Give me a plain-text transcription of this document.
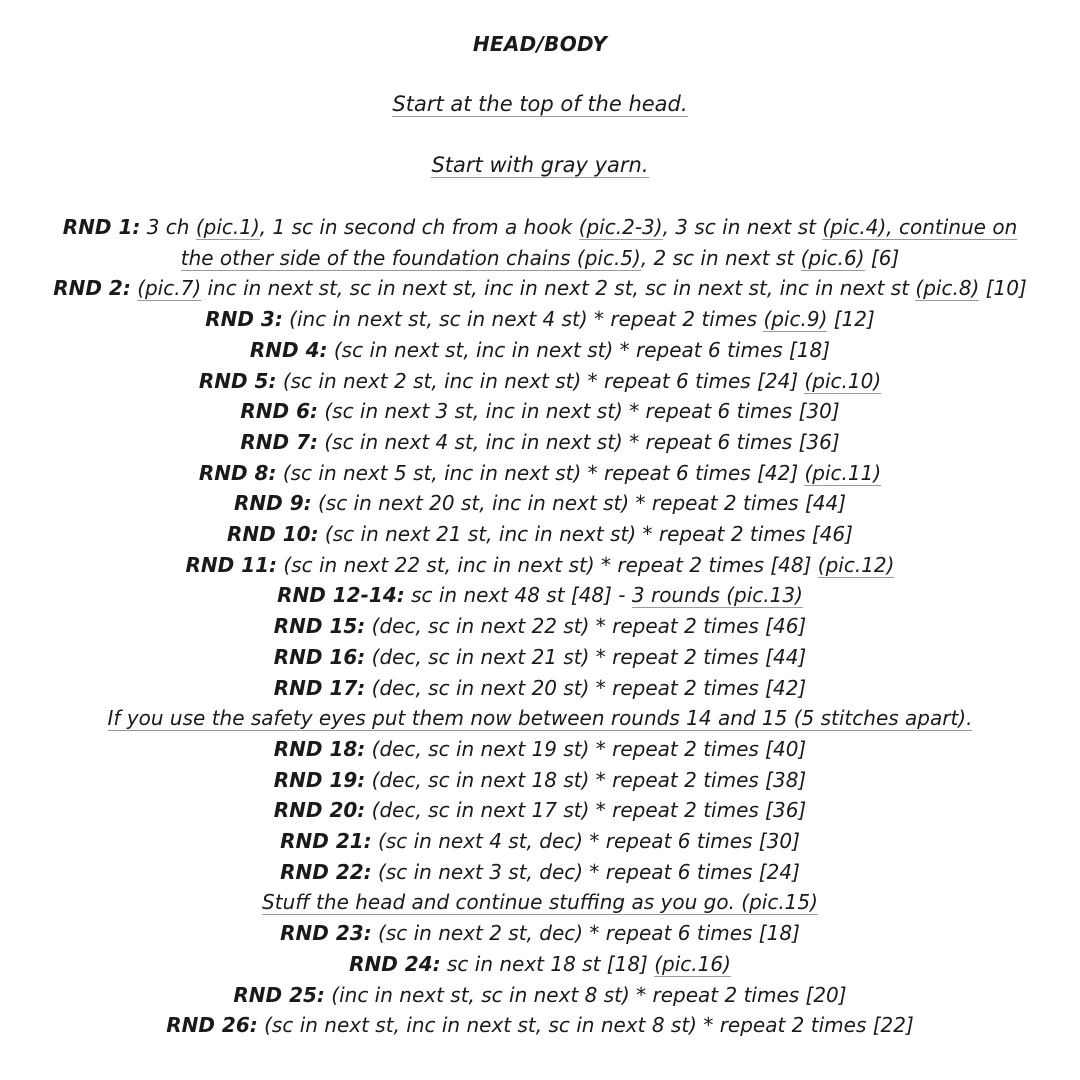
HEAD/BODY
Start at the top of the head.
Start with gray yarn.
RND 1: 3 ch (pic.1), 1 sc in second ch from a hook (pic.2-3), 3 sc in next st (pic.4), continue on
the other side of the foundation chains (pic.5), 2 sc in next st (pic.6) [6]
RND 2: (pic.7) inc in next st, sc in next st, inc in next 2 st, sc in next st, inc in next st (pic.8) [10]
RND 3: (inc in next st, sc in next 4 st) * repeat 2 times (pic.9) [12]
RND 4: (sc in next st, inc in next st) * repeat 6 times [18]
RND 5: (sc in next 2 st, inc in next st) * repeat 6 times [24] (pic.10)
RND 6: (sc in next 3 st, inc in next st) * repeat 6 times [30]
RND 7: (sc in next 4 st, inc in next st) * repeat 6 times [36]
RND 8: (sc in next 5 st, inc in next st) * repeat 6 times [42] (pic.11)
RND 9: (sc in next 20 st, inc in next st) * repeat 2 times [44]
RND 10: (sc in next 21 st, inc in next st) * repeat 2 times [46]
RND 11: (sc in next 22 st, inc in next st) * repeat 2 times [48] (pic.12)
RND 12-14: sc in next 48 st [48] - 3 rounds (pic.13)
RND 15: (dec, sc in next 22 st) * repeat 2 times [46]
RND 16: (dec, sc in next 21 st) * repeat 2 times [44]
RND 17: (dec, sc in next 20 st) * repeat 2 times [42]
If you use the safety eyes put them now between rounds 14 and 15 (5 stitches apart).
RND 18: (dec, sc in next 19 st) * repeat 2 times [40]
RND 19: (dec, sc in next 18 st) * repeat 2 times [38]
RND 20: (dec, sc in next 17 st) * repeat 2 times [36]
RND 21: (sc in next 4 st, dec) * repeat 6 times [30]
RND 22: (sc in next 3 st, dec) * repeat 6 times [24]
Stuff the head and continue stuffing as you go. (pic.15)
RND 23: (sc in next 2 st, dec) * repeat 6 times [18]
RND 24: sc in next 18 st [18] (pic.16)
RND 25: (inc in next st, sc in next 8 st) * repeat 2 times [20]
RND 26: (sc in next st, inc in next st, sc in next 8 st) * repeat 2 times [22]
